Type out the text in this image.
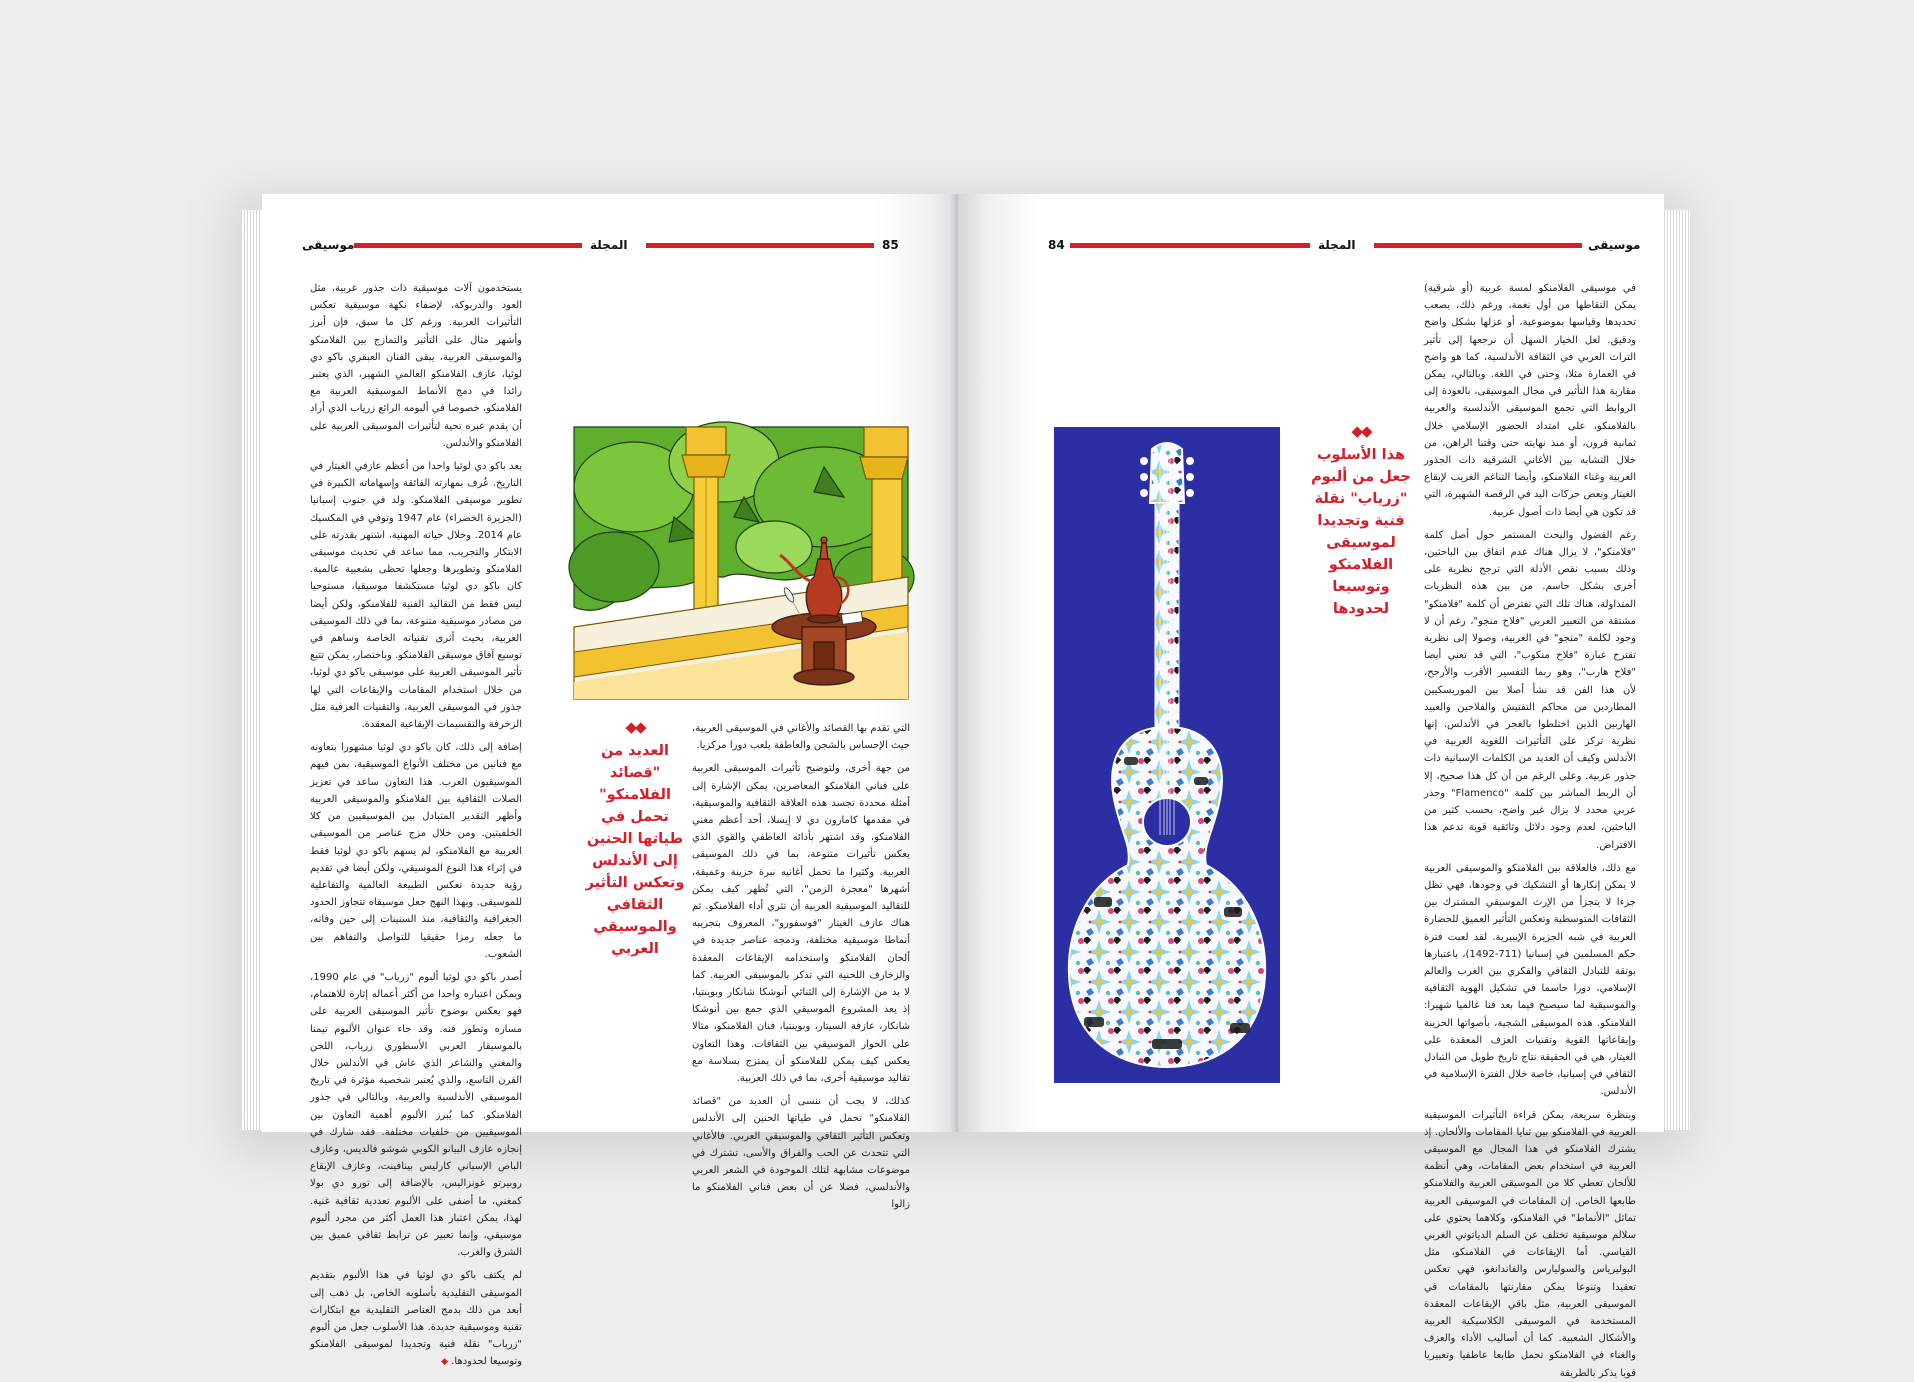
موسيقى	المجلة	85

يستخدمون آلات موسيقية ذات جذور عربية، مثل العود والدربوكة، لإضفاء نكهة موسيقية تعكس التأثيرات العربية. ورغم كل ما سبق، فإن أبرز وأشهر مثال على التأثير والتمازج بين الفلامنكو والموسيقى العربية، يبقى الفنان العبقري باكو دي لوثيا، عازف الفلامنكو العالمي الشهير، الذي يعتبر رائدا في دمج الأنماط الموسيقية العربية مع الفلامنكو، خصوصا في ألبومه الرائع زرياب الذي أراد أن يقدم عبره تحية لتأثيرات الموسيقى العربية على الفلامنكو والأندلس.

يعد باكو دي لوثيا واحدا من أعظم عازفي الغيتار في التاريخ. عُرف بمهارته الفائقة وإسهاماته الكبيرة في تطوير موسيقى الفلامنكو. ولد في جنوب إسبانيا (الجزيرة الخضراء) عام 1947 وتوفي في المكسيك عام 2014. وخلال حياته المهنية، اشتهر بقدرته على الابتكار والتجريب، مما ساعد في تحديث موسيقى الفلامنكو وتطويرها وجعلها تحظى بشعبية عالمية. كان باكو دي لوثيا مستكشفا موسيقيا، مستوحيا ليس فقط من التقاليد الفنية للفلامنكو، ولكن أيضا من مصادر موسيقية متنوعة، بما في ذلك الموسيقى العربية، بحيث أثرى تقنياته الخاصة وساهم في توسيع آفاق موسيقى الفلامنكو. وباختصار، يمكن تتبع تأثير الموسيقى العربية على موسيقى باكو دي لوثيا، من خلال استخدام المقامات والإيقاعات التي لها جذور في الموسيقى العربية، والتقنيات العزفية مثل الزخرفة والتقسيمات الإيقاعية المعقدة.

إضافة إلى ذلك، كان باكو دي لوثيا مشهورا بتعاونه مع فنانين من مختلف الأنواع الموسيقية، بمن فيهم الموسيقيون العرب. هذا التعاون ساعد في تعزيز الصلات الثقافية بين الفلامنكو والموسيقى العربية وأظهر التقدير المتبادل بين الموسيقيين من كلا الخلفيتين. ومن خلال مزج عناصر من الموسيقى العربية مع الفلامنكو، لم يسهم باكو دي لوثيا فقط في إثراء هذا النوع الموسيقي، ولكن أيضا في تقديم رؤية جديدة تعكس الطبيعة العالمية والتفاعلية للموسيقى. وبهذا النهج جعل موسيقاه تتجاوز الحدود الجغرافية والثقافية، منذ السنينات إلى حين وفاته، ما جعله رمزا حقيقيا للتواصل والتفاهم بين الشعوب.

أصدر باكو دي لوثيا ألبوم "زرياب" في عام 1990، ويمكن اعتباره واحدا من أكثر أعماله إثارة للاهتمام، فهو يعكس بوضوح تأثير الموسيقى العربية على مساره وتطور فنه. وقد جاء عنوان الألبوم تيمنا بالموسيقار العربي الأسطوري زرياب، اللحن والمغني والشاعر الذي عاش في الأندلس خلال القرن التاسع، والذي يُعتبر شخصية مؤثرة في تاريخ الموسيقى الأندلسية والعربية، وبالتالي في جذور الفلامنكو. كما يُبرز الألبوم أهمية التعاون بين الموسيقيين من خلفيات مختلفة. فقد شارك في إنجازه عازف البيانو الكوبي شوشو فالديس، وعازف الباص الإسباني كارليس بينافينت، وعازف الإيقاع روبيرتو غونزاليس، بالإضافة إلى تورو دي بولا كمغني، ما أضفى على الألبوم تعددية ثقافية غنية. لهذا، يمكن اعتبار هذا العمل أكثر من مجرد ألبوم موسيقي، وإنما تعبير عن ترابط ثقافي عميق بين الشرق والغرب.

لم يكتف باكو دي لوثيا في هذا الألبوم بتقديم الموسيقى التقليدية بأسلوبه الخاص، بل ذهب إلى أبعد من ذلك بدمج العناصر التقليدية مع ابتكارات تقنية وموسيقية جديدة. هذا الأسلوب جعل من ألبوم "زرياب" نقلة فنية وتجديدا لموسيقى الفلامنكو وتوسيعا لحدودها. ◆

◆◆
العديد من "قصائد الفلامنكو" تحمل في طياتها الحنين إلى الأندلس وتعكس التأثير الثقافي والموسيقي العربي

التي تقدم بها القصائد والأغاني في الموسيقى العربية، حيث الإحساس بالشجن والعاطفة يلعب دورا مركزيا.

من جهة أخرى، ولتوضيح تأثيرات الموسيقى العربية على فناني الفلامنكو المعاصرين، يمكن الإشارة إلى أمثلة محددة تجسد هذه العلاقة الثقافية والموسيقية، في مقدمها كامارون دي لا إيسلا، أحد أعظم مغني الفلامنكو، وقد اشتهر بأدائه العاطفي والقوي الذي يعكس تأثيرات متنوعة، بما في ذلك الموسيقى العربية. وكثيرا ما تحمل أغانيه نبرة حزينة وعميقة، أشهرها "معجزة الزمن"، التي تُظهر كيف يمكن للتقاليد الموسيقية العربية أن تثري أداء الفلامنكو. ثم هناك عازف الغيتار "فوسفورو"، المعروف بتجريبه أنماطا موسيقية مختلفة، ودمجه عناصر جديدة في ألحان الفلامنكو واستخدامه الإيقاعات المعقدة والزخارف اللحنية التي تذكر بالموسيقى العربية. كما لا بد من الإشارة إلى الثنائي أنوشكا شانكار وبوينتيا، إذ يعد المشروع الموسيقي الذي جمع بين أنوشكا شانكار، عازفة السيتار، وبوينتيا، فنان الفلامنكو، مثالا على الحوار الموسيقي بين الثقافات. وهذا التعاون يعكس كيف يمكن للفلامنكو أن يمتزج بسلاسة مع تقاليد موسيقية أخرى، بما في ذلك العربية.

كذلك، لا يجب أن ننسى أن العديد من "قصائد الفلامنكو" تحمل في طياتها الحنين إلى الأندلس وتعكس التأثير الثقافي والموسيقي العربي. فالأغاني التي تتحدث عن الحب والفراق والأسى، تشترك في موضوعات مشابهة لتلك الموجودة في الشعر العربي والأندلسي، فضلا عن أن بعض فناني الفلامنكو ما زالوا

84	المجلة	موسيقى
◆◆
هذا الأسلوب جعل من ألبوم "زرياب" نقلة فنية وتجديدا لموسيقى الفلامنكو وتوسيعا لحدودها

في موسيقى الفلامنكو لمسة عربية (أو شرقية) يمكن التقاطها من أول نغمة، ورغم ذلك، يصعب تحديدها وقياسها بموضوعية، أو عزلها بشكل واضح ودقيق. لعل الخيار السهل أن نرجعها إلى تأثير التراث العربي في الثقافة الأندلسية، كما هو واضح في العمارة مثلا، وحتى في اللغة. وبالتالي، يمكن مقاربة هذا التأثير في مجال الموسيقى، بالعودة إلى الروابط التي تجمع الموسيقى الأندلسية والعربية بالفلامنكو، على امتداد الحضور الإسلامي خلال ثمانية قرون، أو منذ نهايته حتى وقتنا الراهن، من خلال التشابه بين الأغاني الشرقية ذات الجذور العربية وغناء الفلامنكو، وأيضا التناغم الغريب لإيقاع الغيتار وبعض حركات اليد في الرقصة الشهيرة، التي قد تكون هي أيضا ذات أصول عربية.

رغم الفضول والبحث المستمر حول أصل كلمة "فلامنكو"، لا يزال هناك عدم اتفاق بين الباحثين، وذلك بسبب نقص الأدلة التي ترجح نظرية على أخرى بشكل حاسم. من بين هذه النظريات المتداولة، هناك تلك التي تفترض أن كلمة "فلامنكو" مشتقة من التعبير العربي "فلاح منجو"، رغم أن لا وجود لكلمة "منجو" في العربية، وصولا إلى نظرية تقترح عبارة "فلاح منكوب"، التي قد تعني أيضا "فلاح هارب"، وهو ربما التفسير الأقرب والأرجح، لأن هذا الفن قد نشأ أصلا بين الموريسكيين المطاردين من محاكم التفتيش والفلاحين والعبيد الهاربين الذين اختلطوا بالغجر في الأندلس. إنها نظرية تركز على التأثيرات اللغوية العربية في الأندلس وكيف أن العديد من الكلمات الإسبانية ذات جذور عربية. وعلى الرغم من أن كل هذا صحيح، إلا أن الربط المباشر بين كلمة "Flamenco" وجذر عربي محدد لا يزال غير واضح، بحسب كثير من الباحثين، لعدم وجود دلائل وثائقية قوية تدعم هذا الافتراض.

مع ذلك، فالعلاقة بين الفلامنكو والموسيقى العربية لا يمكن إنكارها أو التشكيك في وجودها، فهي تظل جزءا لا يتجزأ من الإرث الموسيقي المشترك بين الثقافات المتوسطية وتعكس التأثير العميق للحضارة العربية في شبه الجزيرة الإيبيرية. لقد لعبت فترة حكم المسلمين في إسبانيا (711-1492)، باعتبارها بوتقة للتبادل الثقافي والفكري بين الغرب والعالم الإسلامي، دورا حاسما في تشكيل الهوية الثقافية والموسيقية لما سيصبح فيما بعد فنا عالميا شهيرا: الفلامنكو. هذه الموسيقى الشجية، بأصواتها الحزينة وإيقاعاتها القوية وتقنيات العزف المعقدة على الغيتار، هي في الحقيقة نتاج تاريخ طويل من التبادل الثقافي في إسبانيا، خاصة خلال الفترة الإسلامية في الأندلس.

وبنظرة سريعة، يمكن قراءة التأثيرات الموسيقية العربية في الفلامنكو بين ثنايا المقامات والألحان. إذ يشترك الفلامنكو في هذا المجال مع الموسيقى العربية في استخدام بعض المقامات، وهي أنظمة للألحان تعطي كلا من الموسيقى العربية والفلامنكو طابعها الخاص. إن المقامات في الموسيقى العربية تماثل "الأنماط" في الفلامنكو، وكلاهما يحتوي على سلالم موسيقية تختلف عن السلم الدياتوني الغربي القياسي. أما الإيقاعات في الفلامنكو، مثل البوليرياس والسوليارس والفاندانغو، فهي تعكس تعقيدا وتنوعا يمكن مقارنتها بالمقامات في الموسيقى العربية، مثل باقي الإيقاعات المعقدة المستخدمة في الموسيقى الكلاسيكية العربية والأشكال الشعبية. كما أن أساليب الأداء والعزف والغناء في الفلامنكو تحمل طابعا عاطفيا وتعبيريا قويا يذكر بالطريقة
